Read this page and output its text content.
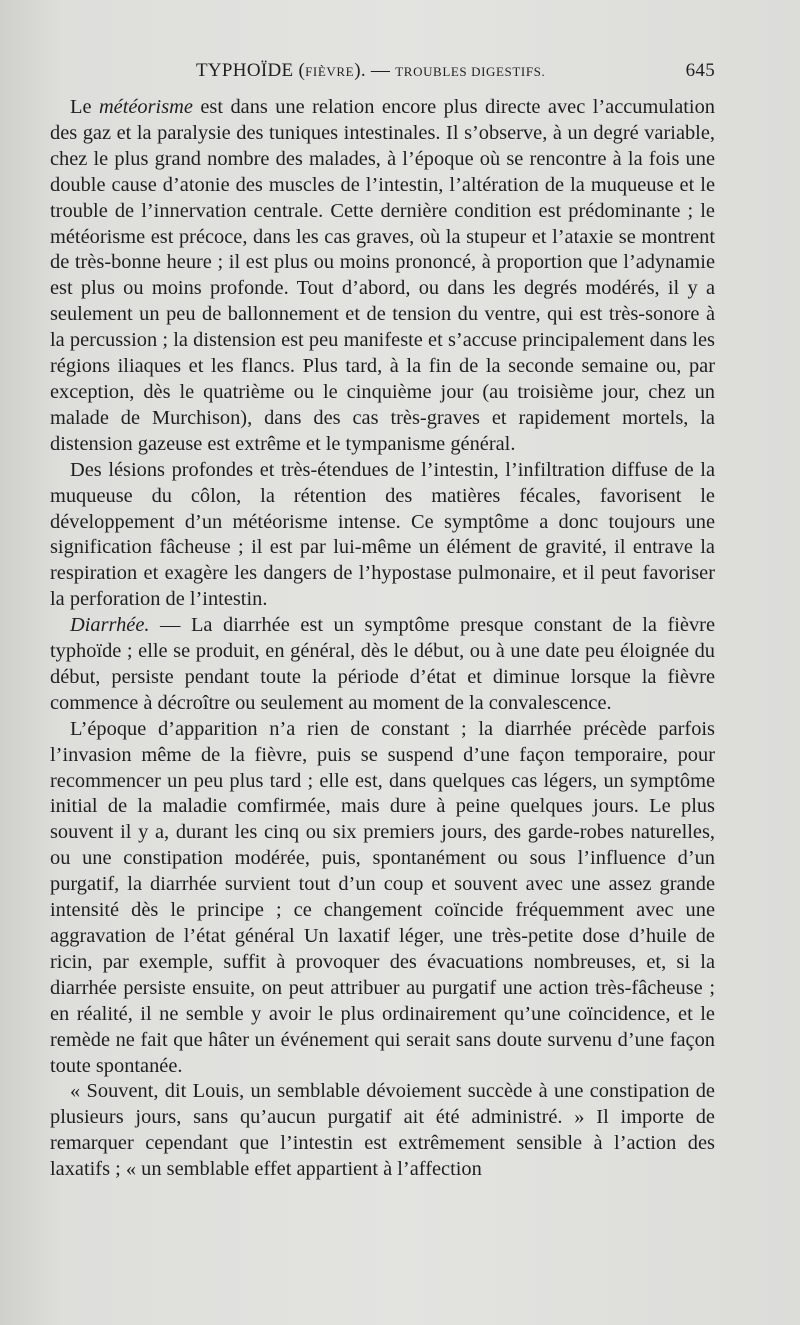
TYPHOÏDE (FIÈVRE). — TROUBLES DIGESTIFS.	645

Le météorisme est dans une relation encore plus directe avec l’accumulation des gaz et la paralysie des tuniques intestinales. Il s’observe, à un degré variable, chez le plus grand nombre des malades, à l’époque où se rencontre à la fois une double cause d’atonie des muscles de l’intestin, l’altération de la muqueuse et le trouble de l’innervation centrale. Cette dernière condition est prédominante ; le météorisme est précoce, dans les cas graves, où la stupeur et l’ataxie se montrent de très-bonne heure ; il est plus ou moins prononcé, à proportion que l’adynamie est plus ou moins profonde. Tout d’abord, ou dans les degrés modérés, il y a seulement un peu de ballonnement et de tension du ventre, qui est très-sonore à la percussion ; la distension est peu manifeste et s’accuse principalement dans les régions iliaques et les flancs. Plus tard, à la fin de la seconde semaine ou, par exception, dès le quatrième ou le cinquième jour (au troisième jour, chez un malade de Murchison), dans des cas très-graves et rapidement mortels, la distension gazeuse est extrême et le tympanisme général.

Des lésions profondes et très-étendues de l’intestin, l’infiltration diffuse de la muqueuse du côlon, la rétention des matières fécales, favorisent le développement d’un météorisme intense. Ce symptôme a donc toujours une signification fâcheuse ; il est par lui-même un élément de gravité, il entrave la respiration et exagère les dangers de l’hypostase pulmonaire, et il peut favoriser la perforation de l’intestin.

Diarrhée. — La diarrhée est un symptôme presque constant de la fièvre typhoïde ; elle se produit, en général, dès le début, ou à une date peu éloignée du début, persiste pendant toute la période d’état et diminue lorsque la fièvre commence à décroître ou seulement au moment de la convalescence.

L’époque d’apparition n’a rien de constant ; la diarrhée précède parfois l’invasion même de la fièvre, puis se suspend d’une façon temporaire, pour recommencer un peu plus tard ; elle est, dans quelques cas légers, un symptôme initial de la maladie comfirmée, mais dure à peine quelques jours. Le plus souvent il y a, durant les cinq ou six premiers jours, des garde-robes naturelles, ou une constipation modérée, puis, spontanément ou sous l’influence d’un purgatif, la diarrhée survient tout d’un coup et souvent avec une assez grande intensité dès le principe ; ce changement coïncide fréquemment avec une aggravation de l’état général Un laxatif léger, une très-petite dose d’huile de ricin, par exemple, suffit à provoquer des évacuations nombreuses, et, si la diarrhée persiste ensuite, on peut attribuer au purgatif une action très-fâcheuse ; en réalité, il ne semble y avoir le plus ordinairement qu’une coïncidence, et le remède ne fait que hâter un événement qui serait sans doute survenu d’une façon toute spontanée.

« Souvent, dit Louis, un semblable dévoiement succède à une constipation de plusieurs jours, sans qu’aucun purgatif ait été administré. » Il importe de remarquer cependant que l’intestin est extrêmement sensible à l’action des laxatifs ; « un semblable effet appartient à l’affection
